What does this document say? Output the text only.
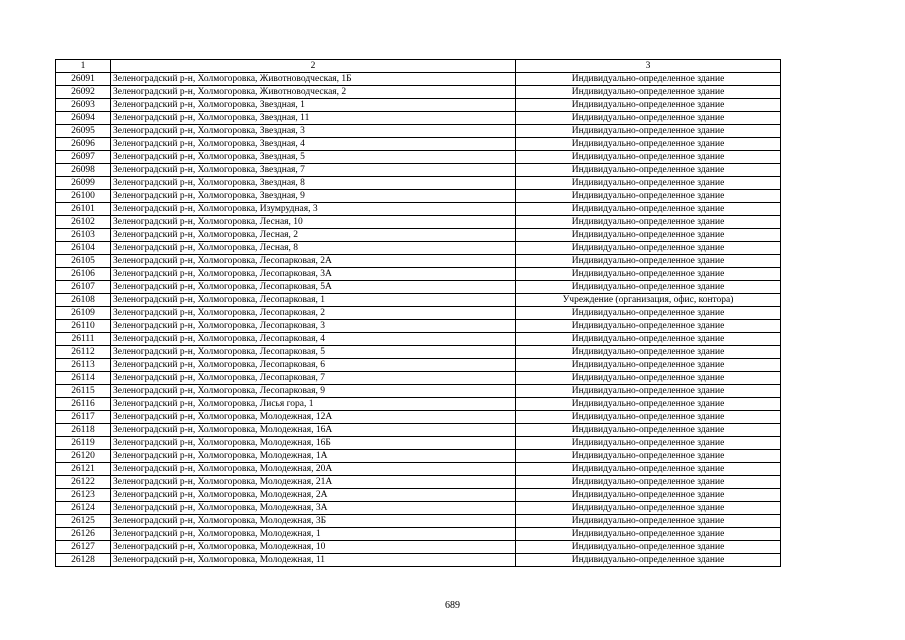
1	2	3
26091	Зеленоградский р-н, Холмогоровка, Животноводческая, 1Б	Индивидуально-определенное здание
26092	Зеленоградский р-н, Холмогоровка, Животноводческая, 2	Индивидуально-определенное здание
26093	Зеленоградский р-н, Холмогоровка, Звездная, 1	Индивидуально-определенное здание
26094	Зеленоградский р-н, Холмогоровка, Звездная, 11	Индивидуально-определенное здание
26095	Зеленоградский р-н, Холмогоровка, Звездная, 3	Индивидуально-определенное здание
26096	Зеленоградский р-н, Холмогоровка, Звездная, 4	Индивидуально-определенное здание
26097	Зеленоградский р-н, Холмогоровка, Звездная, 5	Индивидуально-определенное здание
26098	Зеленоградский р-н, Холмогоровка, Звездная, 7	Индивидуально-определенное здание
26099	Зеленоградский р-н, Холмогоровка, Звездная, 8	Индивидуально-определенное здание
26100	Зеленоградский р-н, Холмогоровка, Звездная, 9	Индивидуально-определенное здание
26101	Зеленоградский р-н, Холмогоровка, Изумрудная, 3	Индивидуально-определенное здание
26102	Зеленоградский р-н, Холмогоровка, Лесная, 10	Индивидуально-определенное здание
26103	Зеленоградский р-н, Холмогоровка, Лесная, 2	Индивидуально-определенное здание
26104	Зеленоградский р-н, Холмогоровка, Лесная, 8	Индивидуально-определенное здание
26105	Зеленоградский р-н, Холмогоровка, Лесопарковая, 2А	Индивидуально-определенное здание
26106	Зеленоградский р-н, Холмогоровка, Лесопарковая, 3А	Индивидуально-определенное здание
26107	Зеленоградский р-н, Холмогоровка, Лесопарковая, 5А	Индивидуально-определенное здание
26108	Зеленоградский р-н, Холмогоровка, Лесопарковая, 1	Учреждение (организация, офис, контора)
26109	Зеленоградский р-н, Холмогоровка, Лесопарковая, 2	Индивидуально-определенное здание
26110	Зеленоградский р-н, Холмогоровка, Лесопарковая, 3	Индивидуально-определенное здание
26111	Зеленоградский р-н, Холмогоровка, Лесопарковая, 4	Индивидуально-определенное здание
26112	Зеленоградский р-н, Холмогоровка, Лесопарковая, 5	Индивидуально-определенное здание
26113	Зеленоградский р-н, Холмогоровка, Лесопарковая, 6	Индивидуально-определенное здание
26114	Зеленоградский р-н, Холмогоровка, Лесопарковая, 7	Индивидуально-определенное здание
26115	Зеленоградский р-н, Холмогоровка, Лесопарковая, 9	Индивидуально-определенное здание
26116	Зеленоградский р-н, Холмогоровка, Лисья гора, 1	Индивидуально-определенное здание
26117	Зеленоградский р-н, Холмогоровка, Молодежная, 12А	Индивидуально-определенное здание
26118	Зеленоградский р-н, Холмогоровка, Молодежная, 16А	Индивидуально-определенное здание
26119	Зеленоградский р-н, Холмогоровка, Молодежная, 16Б	Индивидуально-определенное здание
26120	Зеленоградский р-н, Холмогоровка, Молодежная, 1А	Индивидуально-определенное здание
26121	Зеленоградский р-н, Холмогоровка, Молодежная, 20А	Индивидуально-определенное здание
26122	Зеленоградский р-н, Холмогоровка, Молодежная, 21А	Индивидуально-определенное здание
26123	Зеленоградский р-н, Холмогоровка, Молодежная, 2А	Индивидуально-определенное здание
26124	Зеленоградский р-н, Холмогоровка, Молодежная, 3А	Индивидуально-определенное здание
26125	Зеленоградский р-н, Холмогоровка, Молодежная, 3Б	Индивидуально-определенное здание
26126	Зеленоградский р-н, Холмогоровка, Молодежная, 1	Индивидуально-определенное здание
26127	Зеленоградский р-н, Холмогоровка, Молодежная, 10	Индивидуально-определенное здание
26128	Зеленоградский р-н, Холмогоровка, Молодежная, 11	Индивидуально-определенное здание
689
